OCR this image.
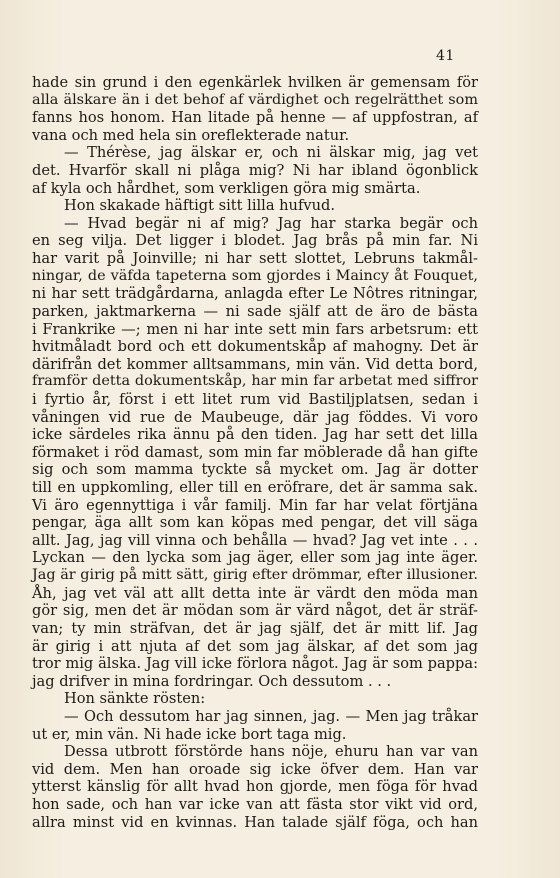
41
hade sin grund i den egenkärlek hvilken är gemensam för
alla älskare än i det behof af värdighet och regelrätthet som
fanns hos honom. Han litade på henne — af uppfostran, af
vana och med hela sin oreflekterade natur.
— Thérèse, jag älskar er, och ni älskar mig, jag vet
det. Hvarför skall ni plåga mig? Ni har ibland ögonblick
af kyla och hårdhet, som verkligen göra mig smärta.
Hon skakade häftigt sitt lilla hufvud.
— Hvad begär ni af mig? Jag har starka begär och
en seg vilja. Det ligger i blodet. Jag brås på min far. Ni
har varit på Joinville; ni har sett slottet, Lebruns takmål-
ningar, de väfda tapeterna som gjordes i Maincy åt Fouquet,
ni har sett trädgårdarna, anlagda efter Le Nôtres ritningar,
parken, jaktmarkerna — ni sade själf att de äro de bästa
i Frankrike —; men ni har inte sett min fars arbetsrum: ett
hvitmåladt bord och ett dokumentskåp af mahogny. Det är
därifrån det kommer alltsammans, min vän. Vid detta bord,
framför detta dokumentskåp, har min far arbetat med siffror
i fyrtio år, först i ett litet rum vid Bastiljplatsen, sedan i
våningen vid rue de Maubeuge, där jag föddes. Vi voro
icke särdeles rika ännu på den tiden. Jag har sett det lilla
förmaket i röd damast, som min far möblerade då han gifte
sig och som mamma tyckte så mycket om. Jag är dotter
till en uppkomling, eller till en eröfrare, det är samma sak.
Vi äro egennyttiga i vår familj. Min far har velat förtjäna
pengar, äga allt som kan köpas med pengar, det vill säga
allt. Jag, jag vill vinna och behålla — hvad? Jag vet inte . . .
Lyckan — den lycka som jag äger, eller som jag inte äger.
Jag är girig på mitt sätt, girig efter drömmar, efter illusioner.
Åh, jag vet väl att allt detta inte är värdt den möda man
gör sig, men det är mödan som är värd något, det är sträf-
van; ty min sträfvan, det är jag själf, det är mitt lif. Jag
är girig i att njuta af det som jag älskar, af det som jag
tror mig älska. Jag vill icke förlora något. Jag är som pappa:
jag drifver in mina fordringar. Och dessutom . . .
Hon sänkte rösten:
— Och dessutom har jag sinnen, jag. — Men jag tråkar
ut er, min vän. Ni hade icke bort taga mig.
Dessa utbrott förstörde hans nöje, ehuru han var van
vid dem. Men han oroade sig icke öfver dem. Han var
ytterst känslig för allt hvad hon gjorde, men föga för hvad
hon sade, och han var icke van att fästa stor vikt vid ord,
allra minst vid en kvinnas. Han talade själf föga, och han
